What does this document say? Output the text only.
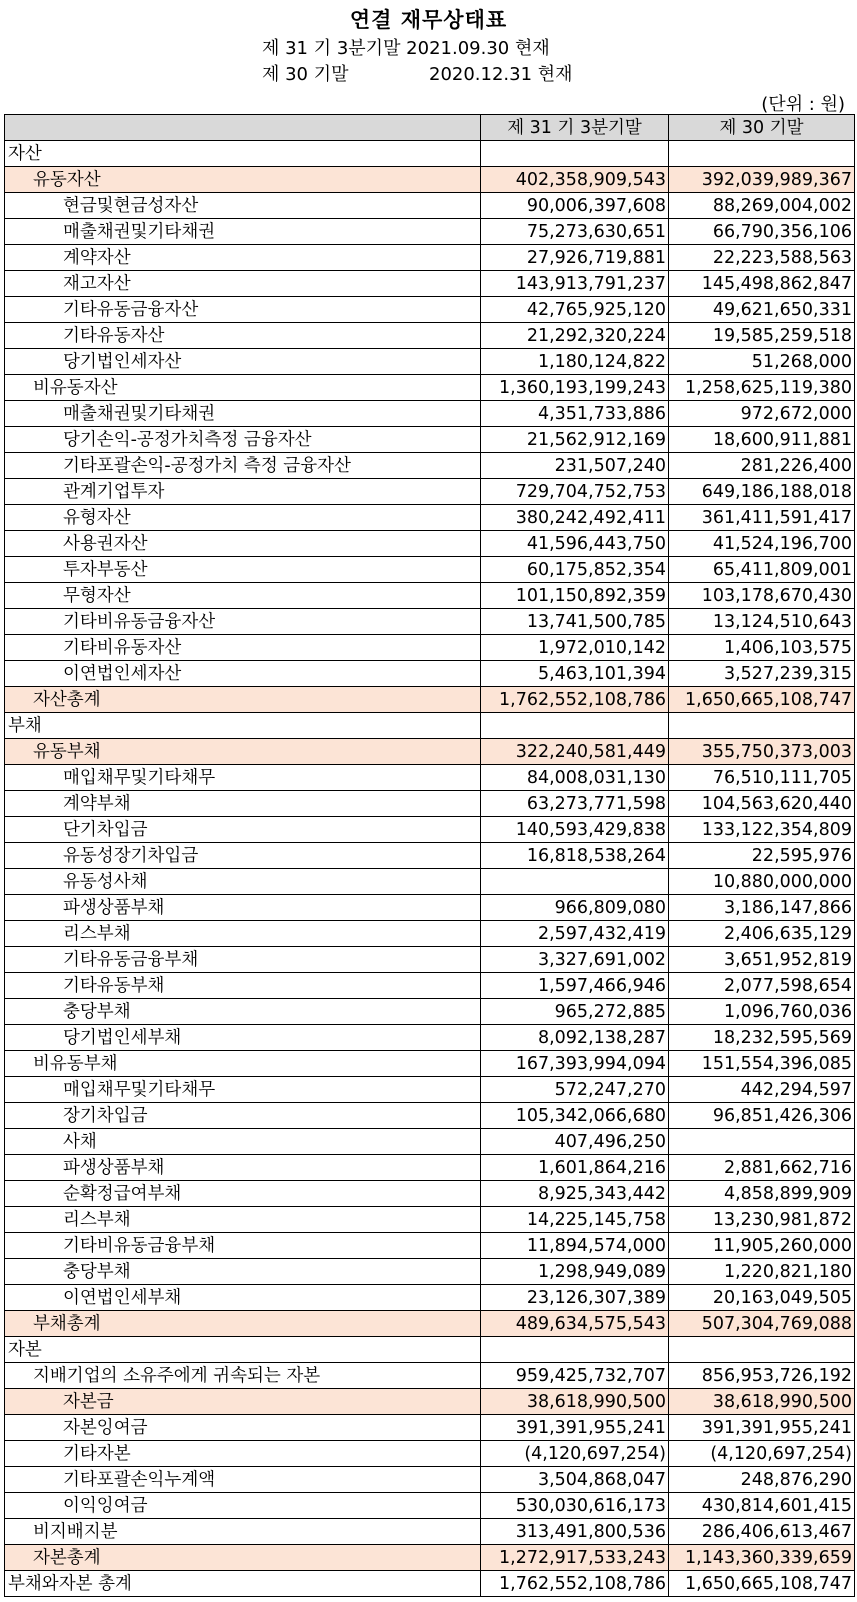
연결 재무상태표
제 31 기 3분기말 2021.09.30 현재
제 30 기말	2020.12.31 현재
(단위 : 원)
	제 31 기 3분기말	제 30 기말
자산		
유동자산	402,358,909,543	392,039,989,367
현금및현금성자산	90,006,397,608	88,269,004,002
매출채권및기타채권	75,273,630,651	66,790,356,106
계약자산	27,926,719,881	22,223,588,563
재고자산	143,913,791,237	145,498,862,847
기타유동금융자산	42,765,925,120	49,621,650,331
기타유동자산	21,292,320,224	19,585,259,518
당기법인세자산	1,180,124,822	51,268,000
비유동자산	1,360,193,199,243	1,258,625,119,380
매출채권및기타채권	4,351,733,886	972,672,000
당기손익-공정가치측정 금융자산	21,562,912,169	18,600,911,881
기타포괄손익-공정가치 측정 금융자산	231,507,240	281,226,400
관계기업투자	729,704,752,753	649,186,188,018
유형자산	380,242,492,411	361,411,591,417
사용권자산	41,596,443,750	41,524,196,700
투자부동산	60,175,852,354	65,411,809,001
무형자산	101,150,892,359	103,178,670,430
기타비유동금융자산	13,741,500,785	13,124,510,643
기타비유동자산	1,972,010,142	1,406,103,575
이연법인세자산	5,463,101,394	3,527,239,315
자산총계	1,762,552,108,786	1,650,665,108,747
부채		
유동부채	322,240,581,449	355,750,373,003
매입채무및기타채무	84,008,031,130	76,510,111,705
계약부채	63,273,771,598	104,563,620,440
단기차입금	140,593,429,838	133,122,354,809
유동성장기차입금	16,818,538,264	22,595,976
유동성사채		10,880,000,000
파생상품부채	966,809,080	3,186,147,866
리스부채	2,597,432,419	2,406,635,129
기타유동금융부채	3,327,691,002	3,651,952,819
기타유동부채	1,597,466,946	2,077,598,654
충당부채	965,272,885	1,096,760,036
당기법인세부채	8,092,138,287	18,232,595,569
비유동부채	167,393,994,094	151,554,396,085
매입채무및기타채무	572,247,270	442,294,597
장기차입금	105,342,066,680	96,851,426,306
사채	407,496,250	
파생상품부채	1,601,864,216	2,881,662,716
순확정급여부채	8,925,343,442	4,858,899,909
리스부채	14,225,145,758	13,230,981,872
기타비유동금융부채	11,894,574,000	11,905,260,000
충당부채	1,298,949,089	1,220,821,180
이연법인세부채	23,126,307,389	20,163,049,505
부채총계	489,634,575,543	507,304,769,088
자본		
지배기업의 소유주에게 귀속되는 자본	959,425,732,707	856,953,726,192
자본금	38,618,990,500	38,618,990,500
자본잉여금	391,391,955,241	391,391,955,241
기타자본	(4,120,697,254)	(4,120,697,254)
기타포괄손익누계액	3,504,868,047	248,876,290
이익잉여금	530,030,616,173	430,814,601,415
비지배지분	313,491,800,536	286,406,613,467
자본총계	1,272,917,533,243	1,143,360,339,659
부채와자본 총계	1,762,552,108,786	1,650,665,108,747
